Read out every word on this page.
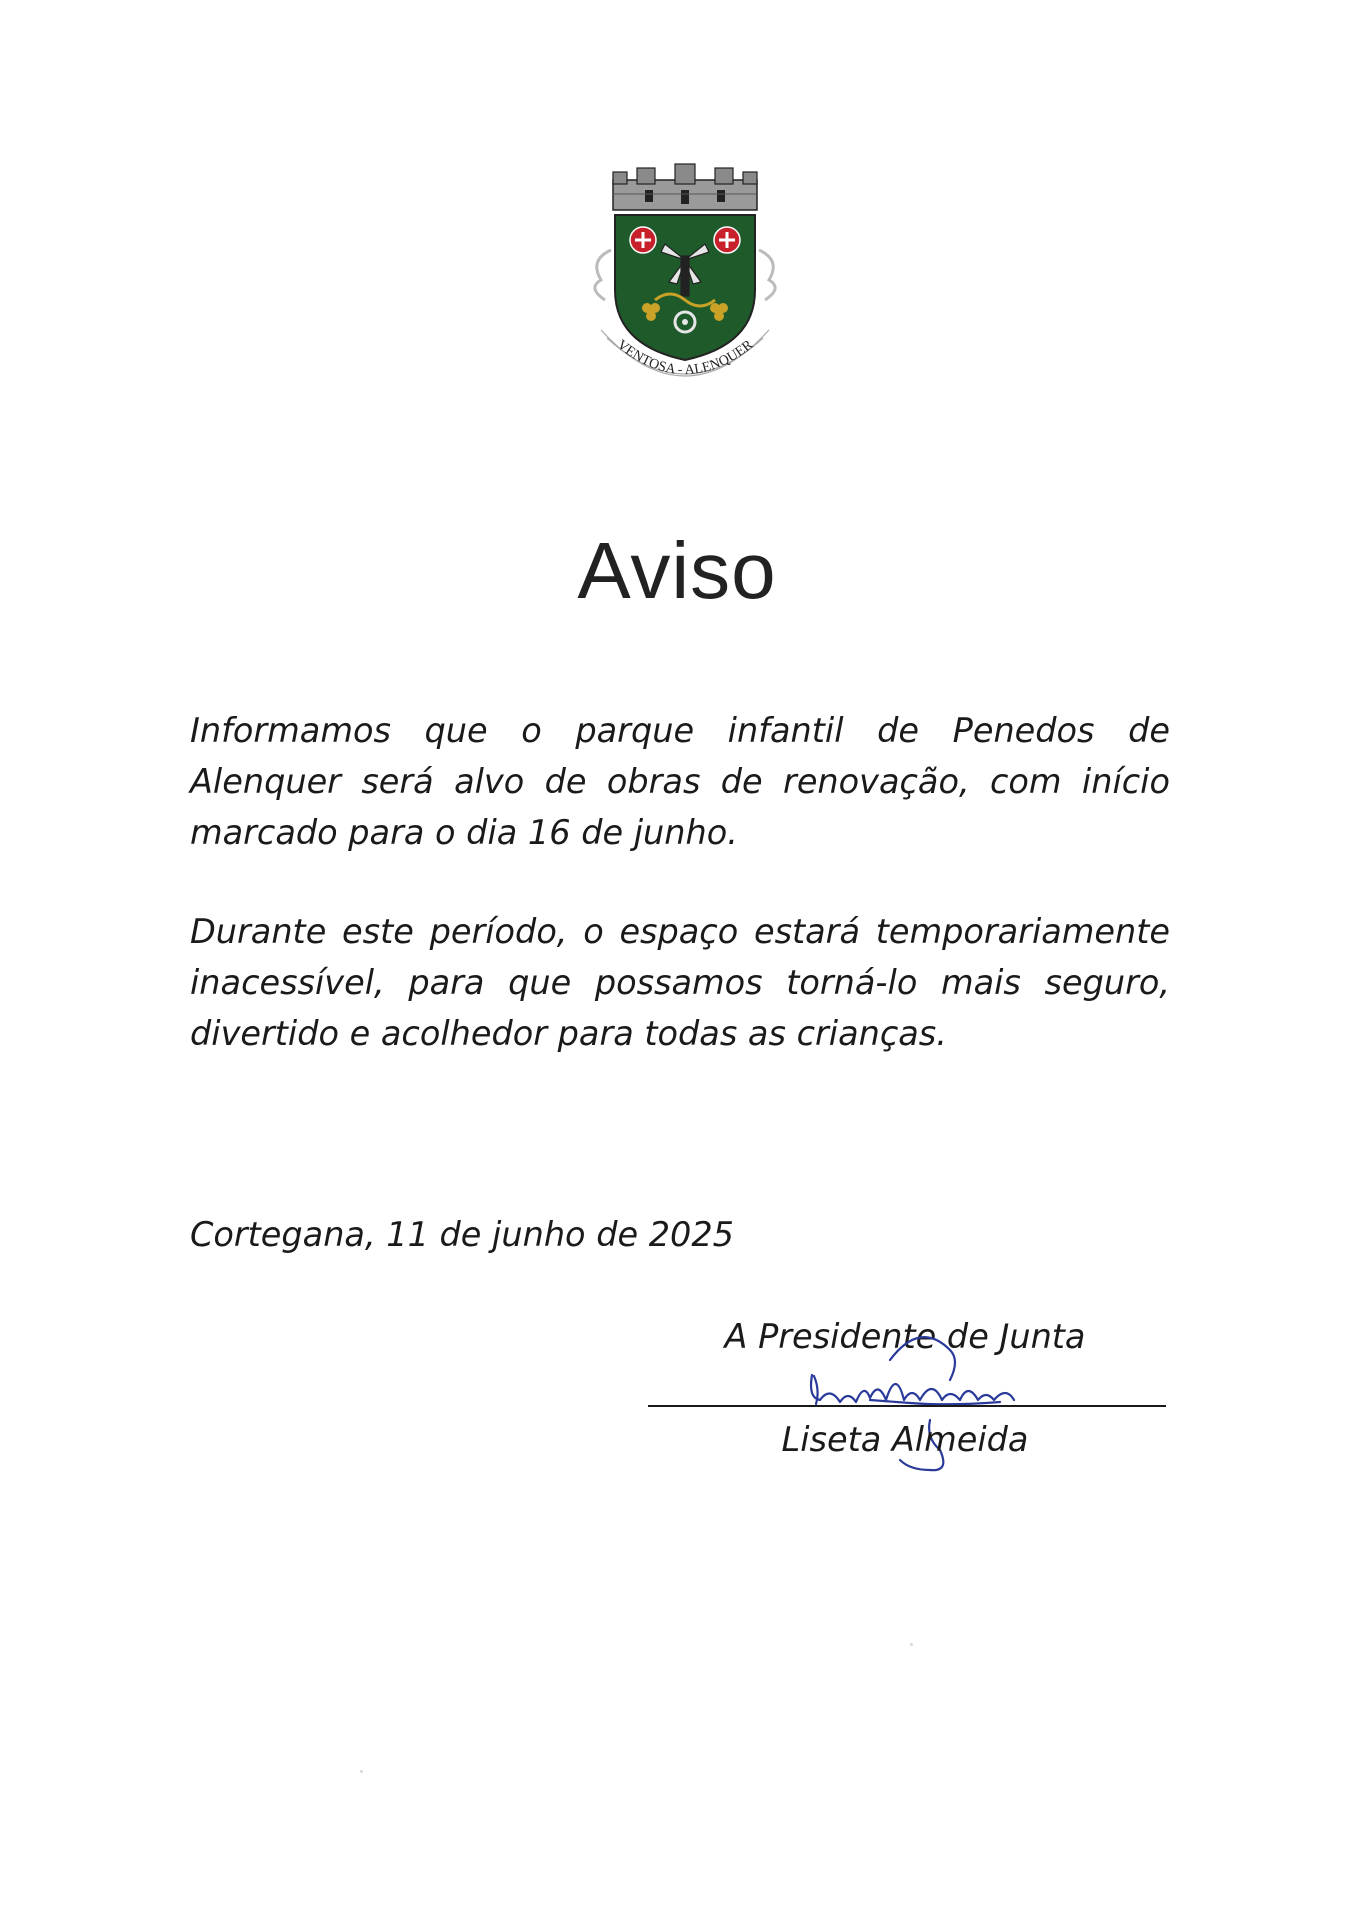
VENTOSA - ALENQUER
Aviso
Informamos que o parque infantil de Penedos de Alenquer será alvo de obras de renovação, com início marcado para o dia 16 de junho.
Durante este período, o espaço estará temporariamente inacessível, para que possamos torná-lo mais seguro, divertido e acolhedor para todas as crianças.
Cortegana, 11 de junho de 2025
A Presidente de Junta
Liseta Almeida
